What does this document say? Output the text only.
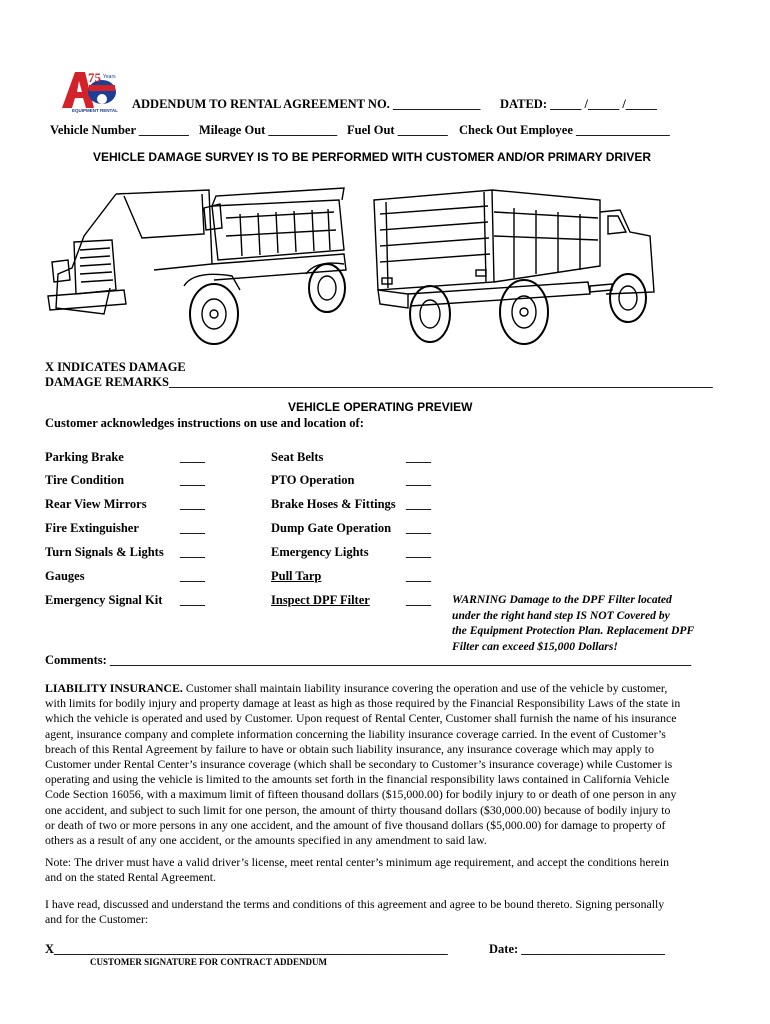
75 Years
EQUIPMENT RENTALS ADDENDUM TO RENTAL AGREEMENT NO. ______________ DATED: _____ /_____ /_____
Vehicle Number ________ Mileage Out ___________ Fuel Out ________ Check Out Employee _______________
VEHICLE DAMAGE SURVEY IS TO BE PERFORMED WITH CUSTOMER AND/OR PRIMARY DRIVER
X INDICATES DAMAGE
DAMAGE REMARKS_______________________________________________________________________________________
VEHICLE OPERATING PREVIEW
Customer acknowledges instructions on use and location of:
Parking Brake	____	Seat Belts	____
Tire Condition	____	PTO Operation	____
Rear View Mirrors	____	Brake Hoses & Fittings ____
Fire Extinguisher	____	Dump Gate Operation ____
Turn Signals & Lights ____	Emergency Lights	____
Gauges	____	Pull Tarp	____
Emergency Signal Kit ____	Inspect DPF Filter	____ WARNING Damage to the DPF Filter located
under the right hand step IS NOT Covered by
the Equipment Protection Plan. Replacement DPF
Filter can exceed $15,000 Dollars!
Comments: _____________________________________________________________________________________________
LIABILITY INSURANCE. Customer shall maintain liability insurance covering the operation and use of the vehicle by customer,
with limits for bodily injury and property damage at least as high as those required by the Financial Responsibility Laws of the state in
which the vehicle is operated and used by Customer. Upon request of Rental Center, Customer shall furnish the name of his insurance
agent, insurance company and complete information concerning the liability insurance coverage carried. In the event of Customer’s
breach of this Rental Agreement by failure to have or obtain such liability insurance, any insurance coverage which may apply to
Customer under Rental Center’s insurance coverage (which shall be secondary to Customer’s insurance coverage) while Customer is
operating and using the vehicle is limited to the amounts set forth in the financial responsibility laws contained in California Vehicle
Code Section 16056, with a maximum limit of fifteen thousand dollars ($15,000.00) for bodily injury to or death of one person in any
one accident, and subject to such limit for one person, the amount of thirty thousand dollars ($30,000.00) because of bodily injury to
or death of two or more persons in any one accident, and the amount of five thousand dollars ($5,000.00) for damage to property of
others as a result of any one accident, or the amounts specified in any amendment to said law.
Note: The driver must have a valid driver’s license, meet rental center’s minimum age requirement, and accept the conditions herein
and on the stated Rental Agreement.
I have read, discussed and understand the terms and conditions of this agreement and agree to be bound thereto. Signing personally
and for the Customer:
X_______________________________________________________________	Date: _______________________
CUSTOMER SIGNATURE FOR CONTRACT ADDENDUM
